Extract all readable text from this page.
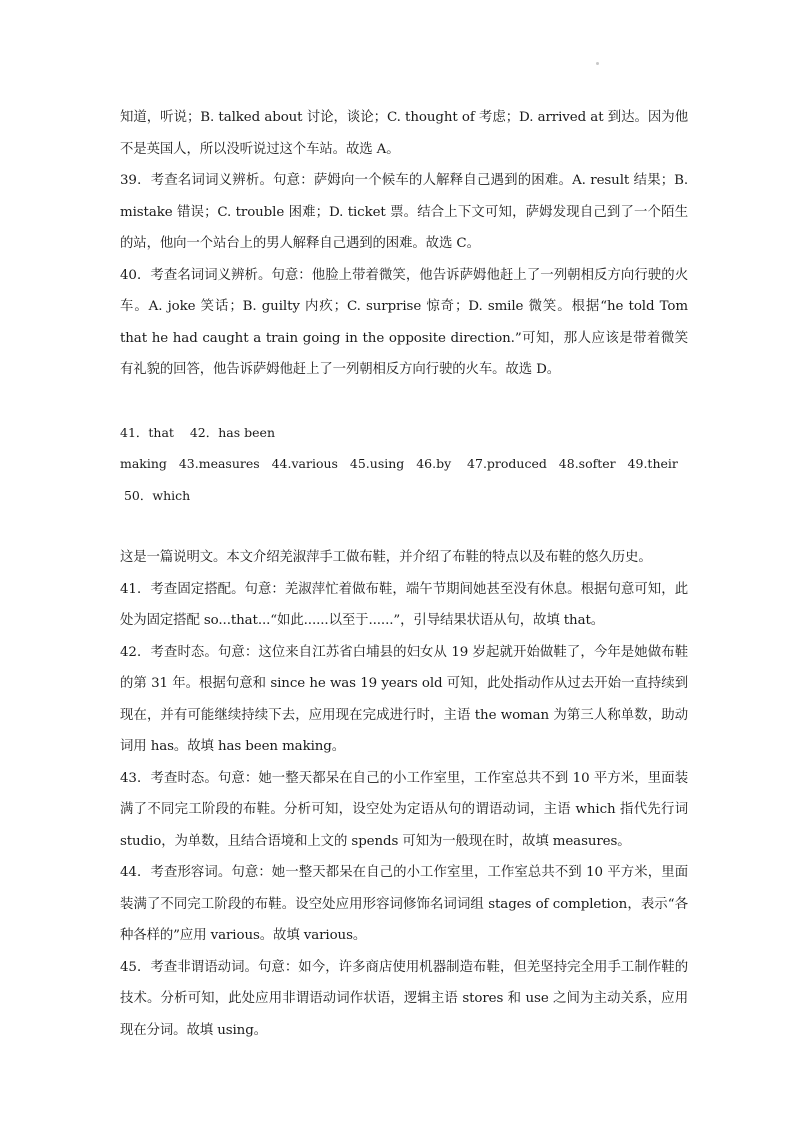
知道，听说；B. talked about 讨论，谈论；C. thought of 考虑；D. arrived at 到达。因为他不是英国人，所以没听说过这个车站。故选 A。

39．考查名词词义辨析。句意：萨姆向一个候车的人解释自己遇到的困难。A. result 结果；B. mistake 错误；C. trouble 困难；D. ticket 票。结合上下文可知，萨姆发现自己到了一个陌生的站，他向一个站台上的男人解释自己遇到的困难。故选 C。

40．考查名词词义辨析。句意：他脸上带着微笑，他告诉萨姆他赶上了一列朝相反方向行驶的火车。A. joke 笑话；B. guilty 内疚；C. surprise 惊奇；D. smile 微笑。根据“he told Tom that he had caught a train going in the opposite direction.”可知，那人应该是带着微笑有礼貌的回答，他告诉萨姆他赶上了一列朝相反方向行驶的火车。故选 D。

41．that    42．has been

making   43.measures   44.various   45.using   46.by    47.produced   48.softer   49.their

50．which

这是一篇说明文。本文介绍羌淑萍手工做布鞋，并介绍了布鞋的特点以及布鞋的悠久历史。

41．考查固定搭配。句意：羌淑萍忙着做布鞋，端午节期间她甚至没有休息。根据句意可知，此处为固定搭配 so...that...“如此......以至于......”，引导结果状语从句，故填 that。

42．考查时态。句意：这位来自江苏省白埔县的妇女从 19 岁起就开始做鞋了，今年是她做布鞋的第 31 年。根据句意和 since he was 19 years old 可知，此处指动作从过去开始一直持续到现在，并有可能继续持续下去，应用现在完成进行时，主语 the woman 为第三人称单数，助动词用 has。故填 has been making。

43．考查时态。句意：她一整天都呆在自己的小工作室里，工作室总共不到 10 平方米，里面装满了不同完工阶段的布鞋。分析可知，设空处为定语从句的谓语动词，主语 which 指代先行词 studio，为单数，且结合语境和上文的 spends 可知为一般现在时，故填 measures。

44．考查形容词。句意：她一整天都呆在自己的小工作室里，工作室总共不到 10 平方米，里面装满了不同完工阶段的布鞋。设空处应用形容词修饰名词词组 stages of completion，表示“各种各样的”应用 various。故填 various。

45．考查非谓语动词。句意：如今，许多商店使用机器制造布鞋，但羌坚持完全用手工制作鞋的技术。分析可知，此处应用非谓语动词作状语，逻辑主语 stores 和 use 之间为主动关系，应用现在分词。故填 using。
